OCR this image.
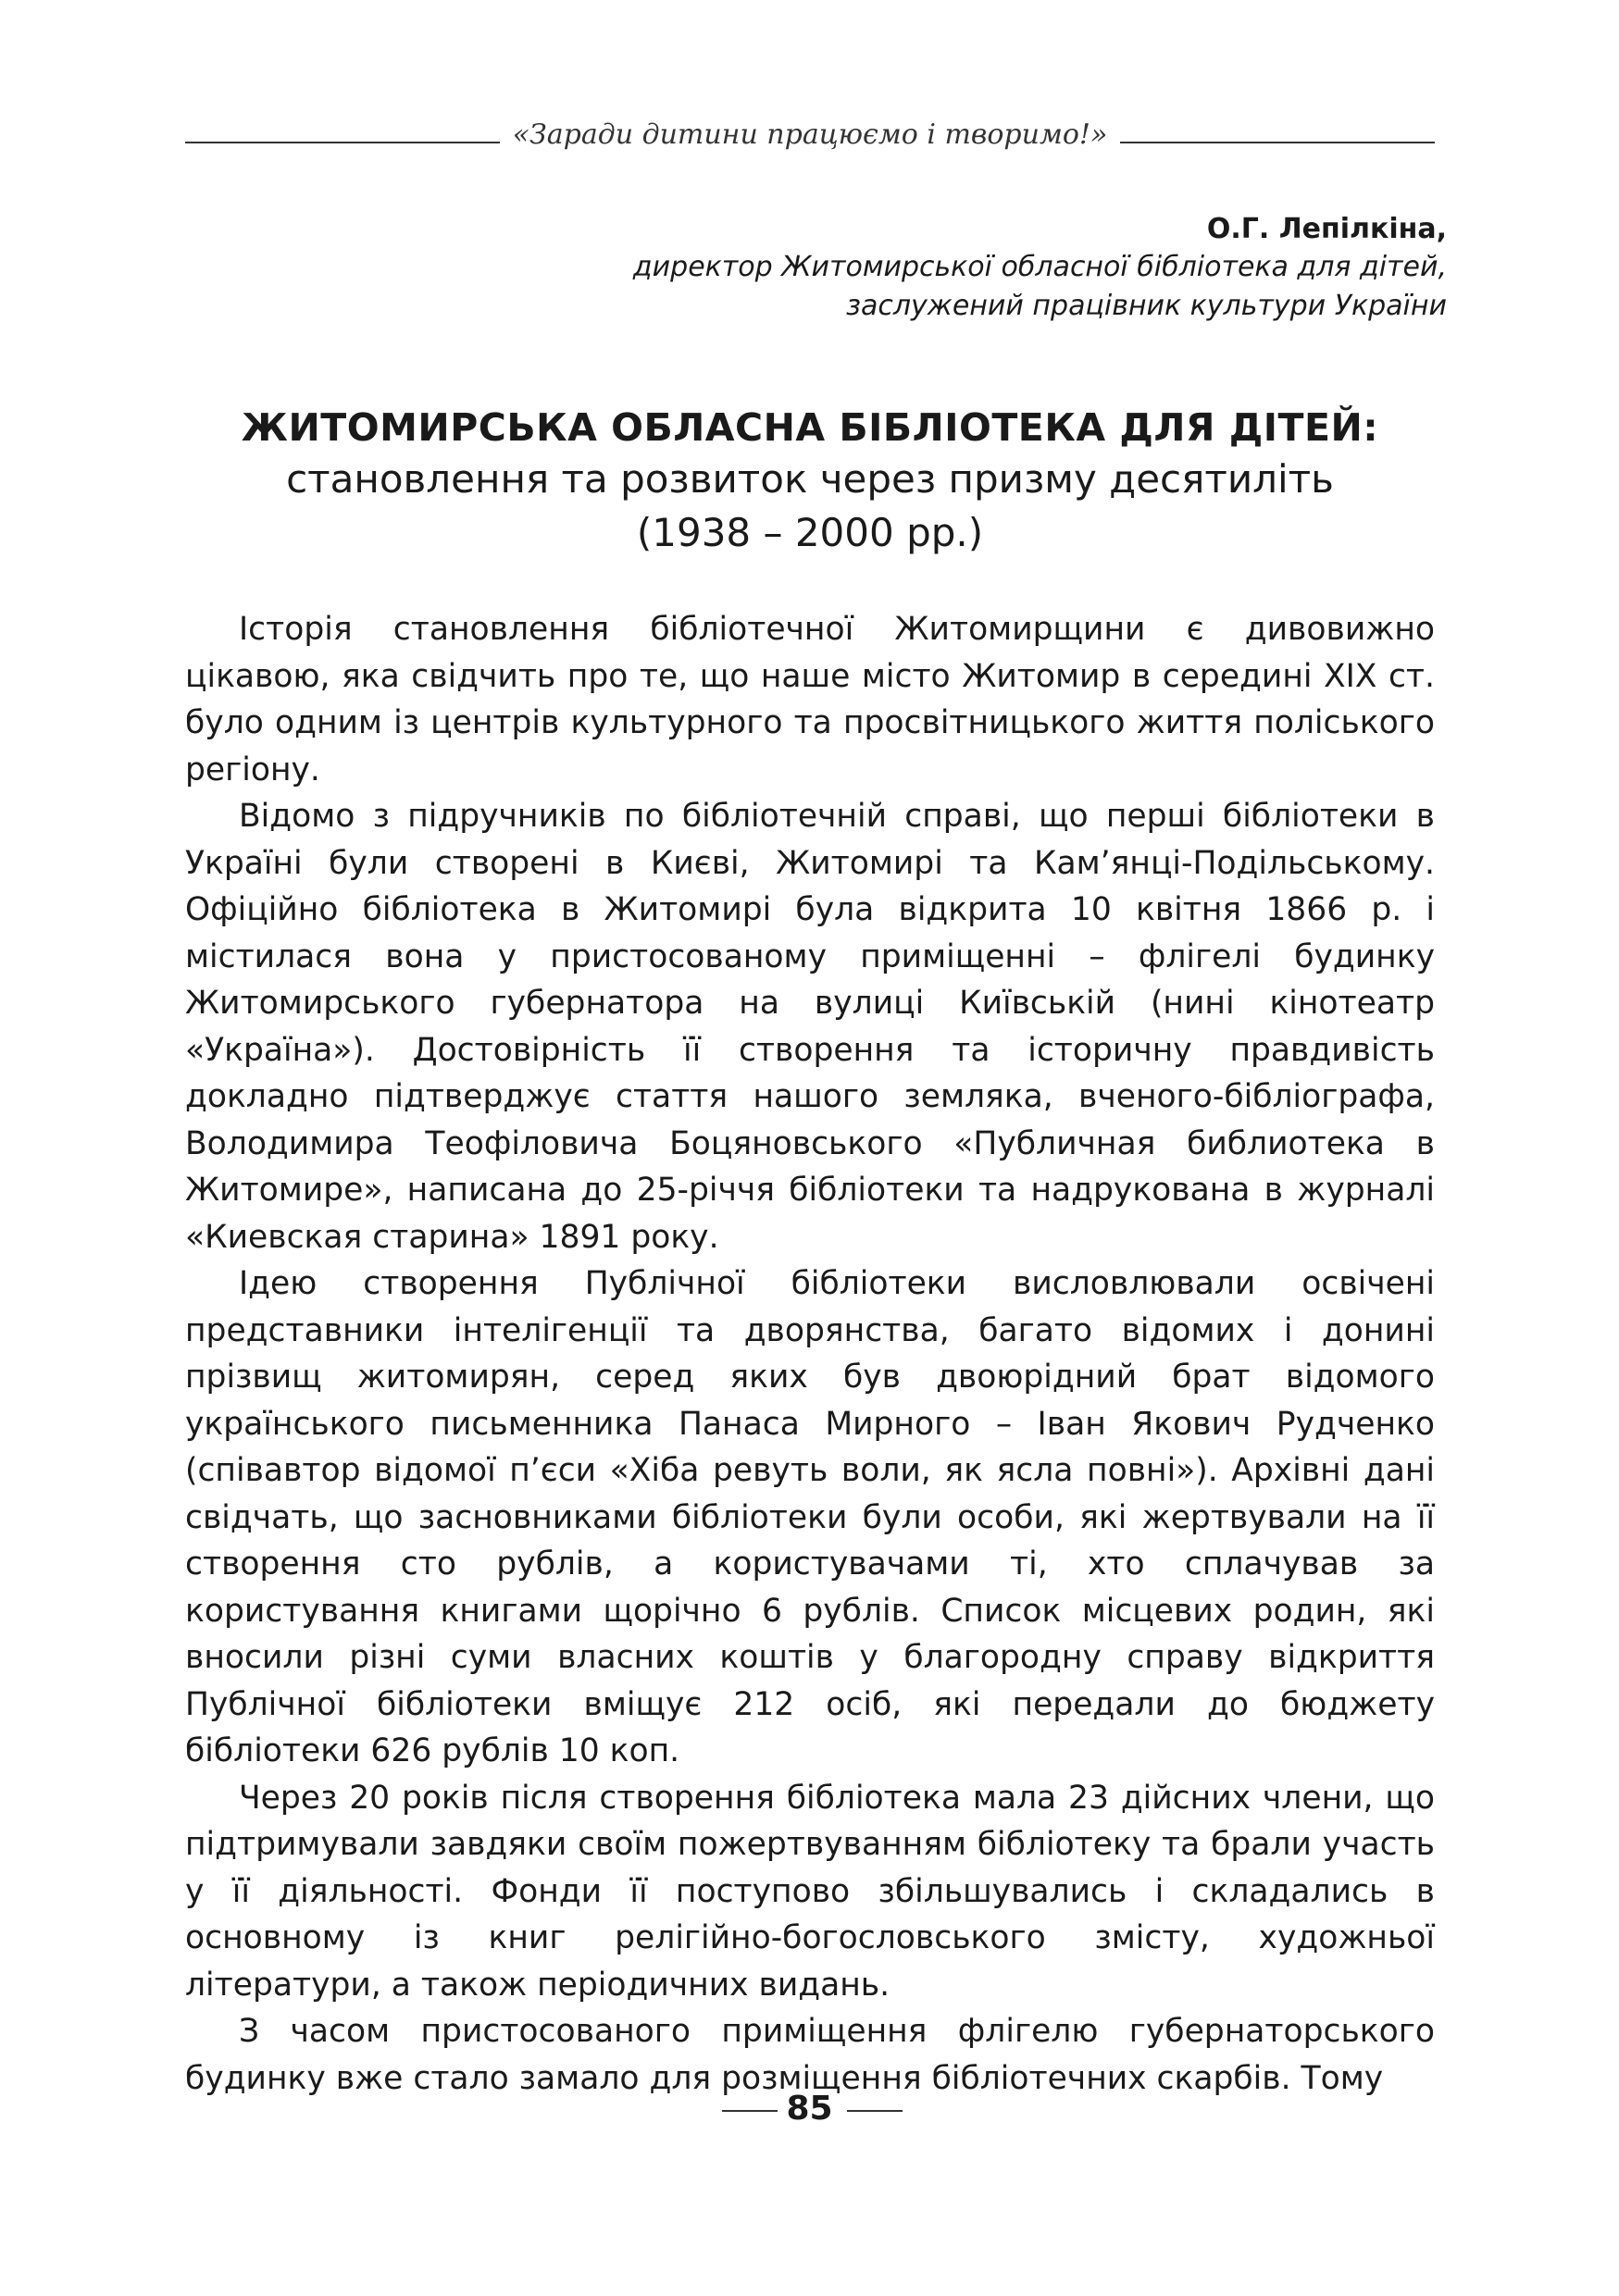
«Заради дитини працюємо і творимо!»
О.Г. Лепілкіна,
директор Житомирської обласної бібліотека для дітей,
заслужений працівник культури України
ЖИТОМИРСЬКА ОБЛАСНА БІБЛІОТЕКА ДЛЯ ДІТЕЙ:
становлення та розвиток через призму десятиліть
(1938 – 2000 рр.)

Історія становлення бібліотечної Житомирщини є дивовижно цікавою, яка свідчить про те, що наше місто Житомир в середині ХІХ ст. було одним із центрів культурного та просвітницького життя поліського регіону.

Відомо з підручників по бібліотечній справі, що перші бібліотеки в Україні були створені в Києві, Житомирі та Кам’янці-Подільському. Офіційно бібліотека в Житомирі була відкрита 10 квітня 1866 р. і містилася вона у пристосованому приміщенні – флігелі будинку Житомирського губернатора на вулиці Київській (нині кінотеатр «Україна»). Достовірність її створення та історичну правдивість докладно підтверджує стаття нашого земляка, вченого-бібліографа, Володимира Теофіловича Боцяновського «Публичная библиотека в Житомире», написана до 25-річчя бібліотеки та надрукована в журналі «Киевская старина» 1891 року.

Ідею створення Публічної бібліотеки висловлювали освічені представники інтелігенції та дворянства, багато відомих і донині прізвищ житомирян, серед яких був двоюрідний брат відомого українського письменника Панаса Мирного – Іван Якович Рудченко (співавтор відомої п’єси «Хіба ревуть воли, як ясла повні»). Архівні дані свідчать, що засновниками бібліотеки були особи, які жертвували на її створення сто рублів, а користувачами ті, хто сплачував за користування книгами щорічно 6 рублів. Список місцевих родин, які вносили різні суми власних коштів у благородну справу відкриття Публічної бібліотеки вміщує 212 осіб, які передали до бюджету бібліотеки 626 рублів 10 коп.

Через 20 років після створення бібліотека мала 23 дійсних члени, що підтримували завдяки своїм пожертвуванням бібліотеку та брали участь у її діяльності. Фонди її поступово збільшувались і складались в основному із книг релігійно-богословського змісту, художньої літератури, а також періодичних видань.

З часом пристосованого приміщення флігелю губернаторського будинку вже стало замало для розміщення бібліотечних скарбів. Тому

85
